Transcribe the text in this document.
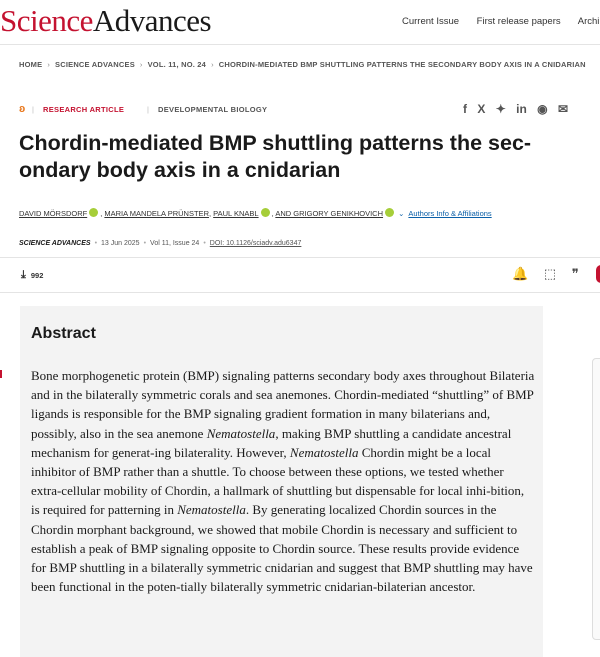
ScienceAdvances	Current Issue First release papers Archi
HOME › SCIENCE ADVANCES › VOL. 11, NO. 24 › CHORDIN-MEDIATED BMP SHUTTLING PATTERNS THE SECONDARY BODY AXIS IN A CNIDARIAN
ʚ | RESEARCH ARTICLE	| DEVELOPMENTAL BIOLOGY	f X ✦ in ◉ ✉
Chordin-mediated BMP shuttling patterns the sec-ondary body axis in a cnidarian
DAVID MÖRSDORF , MARIA MANDELA PRÜNSTER, PAUL KNABL , AND GRIGORY GENIKHOVICH ⌄ Authors Info & Affiliations
SCIENCE ADVANCES • 13 Jun 2025 • Vol 11, Issue 24 • DOI: 10.1126/sciadv.adu6347
⤓ 992	🔔 ⬚ ❞
Abstract

Bone morphogenetic protein (BMP) signaling patterns secondary body axes throughout Bilateria and in the bilaterally symmetric corals and sea anemones. Chordin-mediated “shuttling” of BMP ligands is responsible for the BMP signaling gradient formation in many bilaterians and, possibly, also in the sea anemone Nematostella, making BMP shuttling a candidate ancestral mechanism for generat-ing bilaterality. However, Nematostella Chordin might be a local inhibitor of BMP rather than a shuttle. To choose between these options, we tested whether extra-cellular mobility of Chordin, a hallmark of shuttling but dispensable for local inhi-bition, is required for patterning in Nematostella. By generating localized Chordin sources in the Chordin morphant background, we showed that mobile Chordin is necessary and sufficient to establish a peak of BMP signaling opposite to Chordin source. These results provide evidence for BMP shuttling in a bilaterally symmetric cnidarian and suggest that BMP shuttling may have been functional in the poten-tially bilaterally symmetric cnidarian-bilaterian ancestor.
